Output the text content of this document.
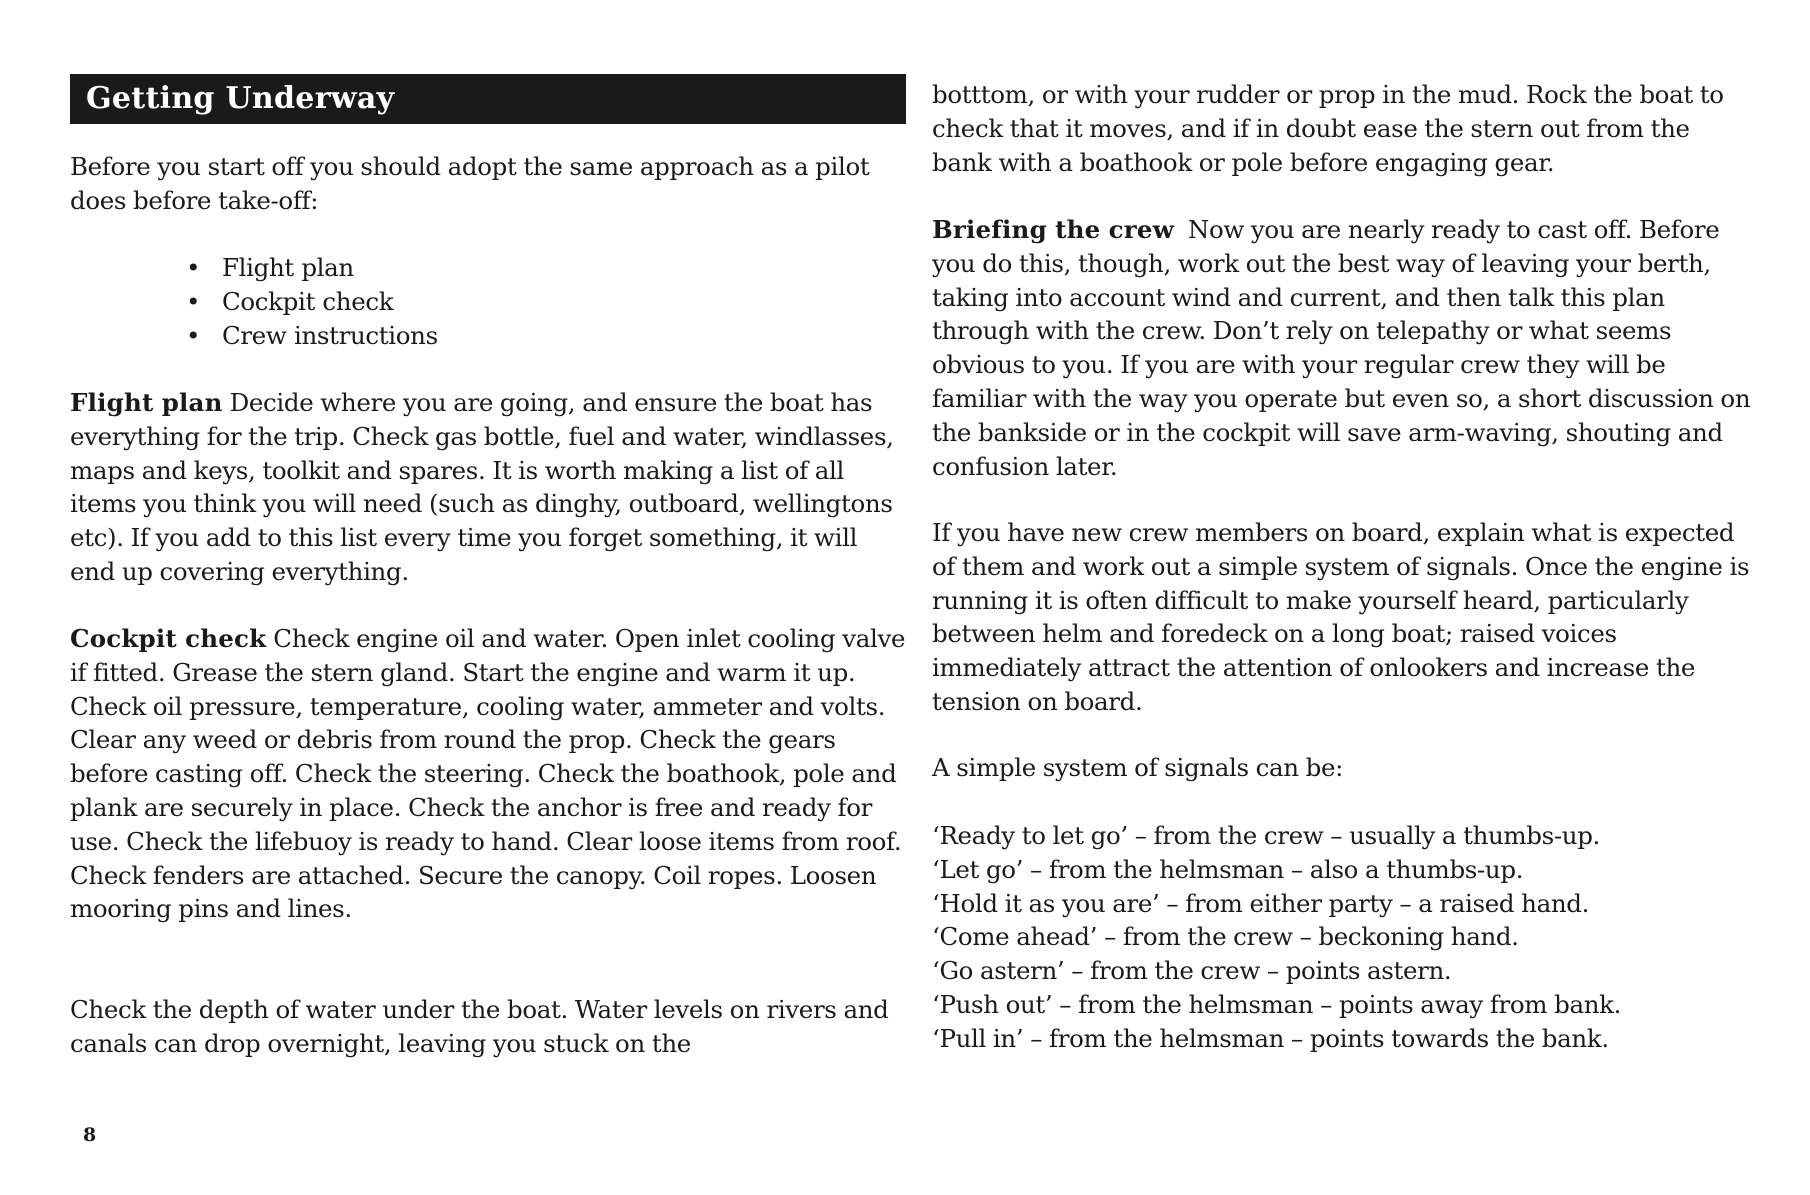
Getting Underway

Before you start off you should adopt the same approach as a pilot does before take-off:

• Flight plan
• Cockpit check
• Crew instructions

Flight plan Decide where you are going, and ensure the boat has everything for the trip. Check gas bottle, fuel and water, windlasses, maps and keys, toolkit and spares. It is worth making a list of all items you think you will need (such as dinghy, outboard, wellingtons etc). If you add to this list every time you forget something, it will end up covering everything.

Cockpit check Check engine oil and water. Open inlet cooling valve if fitted. Grease the stern gland. Start the engine and warm it up. Check oil pressure, temperature, cooling water, ammeter and volts. Clear any weed or debris from round the prop. Check the gears before casting off. Check the steering. Check the boathook, pole and plank are securely in place. Check the anchor is free and ready for use. Check the lifebuoy is ready to hand. Clear loose items from roof. Check fenders are attached. Secure the canopy. Coil ropes. Loosen mooring pins and lines.

Check the depth of water under the boat. Water levels on rivers and canals can drop overnight, leaving you stuck on the

botttom, or with your rudder or prop in the mud. Rock the boat to check that it moves, and if in doubt ease the stern out from the bank with a boathook or pole before engaging gear.

Briefing the crew Now you are nearly ready to cast off. Before you do this, though, work out the best way of leaving your berth, taking into account wind and current, and then talk this plan through with the crew. Don’t rely on telepathy or what seems obvious to you. If you are with your regular crew they will be familiar with the way you operate but even so, a short discussion on the bankside or in the cockpit will save arm-waving, shouting and confusion later.

If you have new crew members on board, explain what is expected of them and work out a simple system of signals. Once the engine is running it is often difficult to make yourself heard, particularly between helm and foredeck on a long boat; raised voices immediately attract the attention of onlookers and increase the tension on board.

A simple system of signals can be:

‘Ready to let go’ – from the crew – usually a thumbs-up.

‘Let go’ – from the helmsman – also a thumbs-up.

‘Hold it as you are’ – from either party – a raised hand.

‘Come ahead’ – from the crew – beckoning hand.

‘Go astern’ – from the crew – points astern.

‘Push out’ – from the helmsman – points away from bank.

‘Pull in’ – from the helmsman – points towards the bank.

8
